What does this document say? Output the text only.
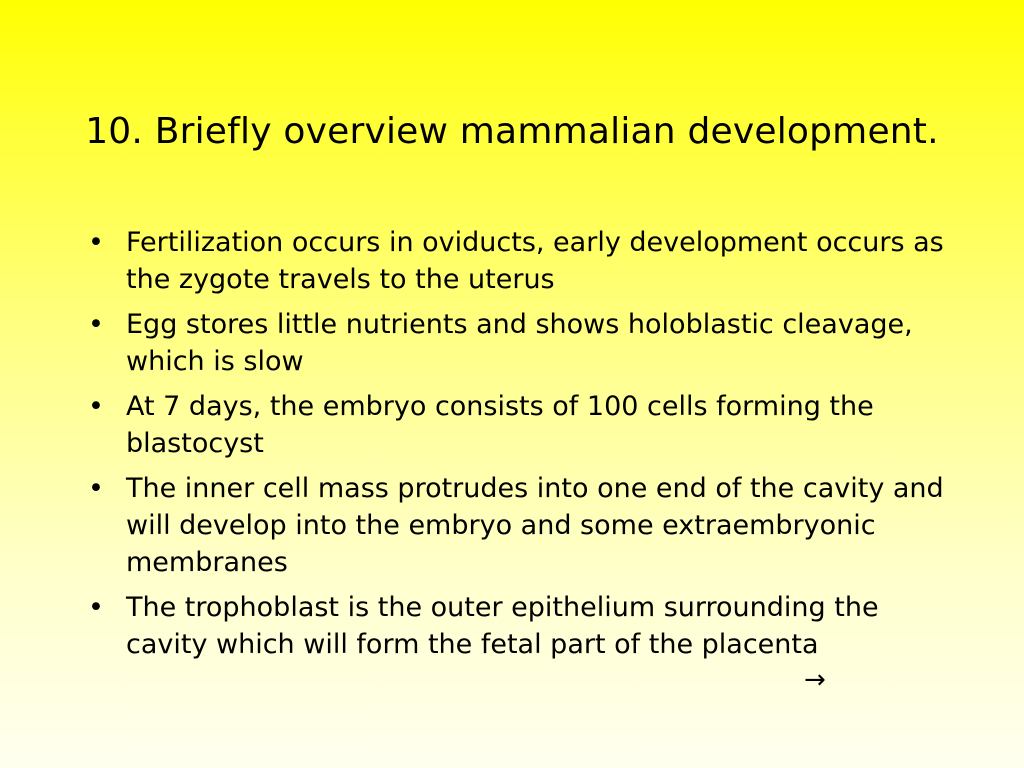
10. Briefly overview mammalian development.
• Fertilization occurs in oviducts, early development occurs as the zygote travels to the uterus
• Egg stores little nutrients and shows holoblastic cleavage, which is slow
• At 7 days, the embryo consists of 100 cells forming the blastocyst
• The inner cell mass protrudes into one end of the cavity and will develop into the embryo and some extraembryonic membranes
• The trophoblast is the outer epithelium surrounding the cavity which will form the fetal part of the placenta
→
